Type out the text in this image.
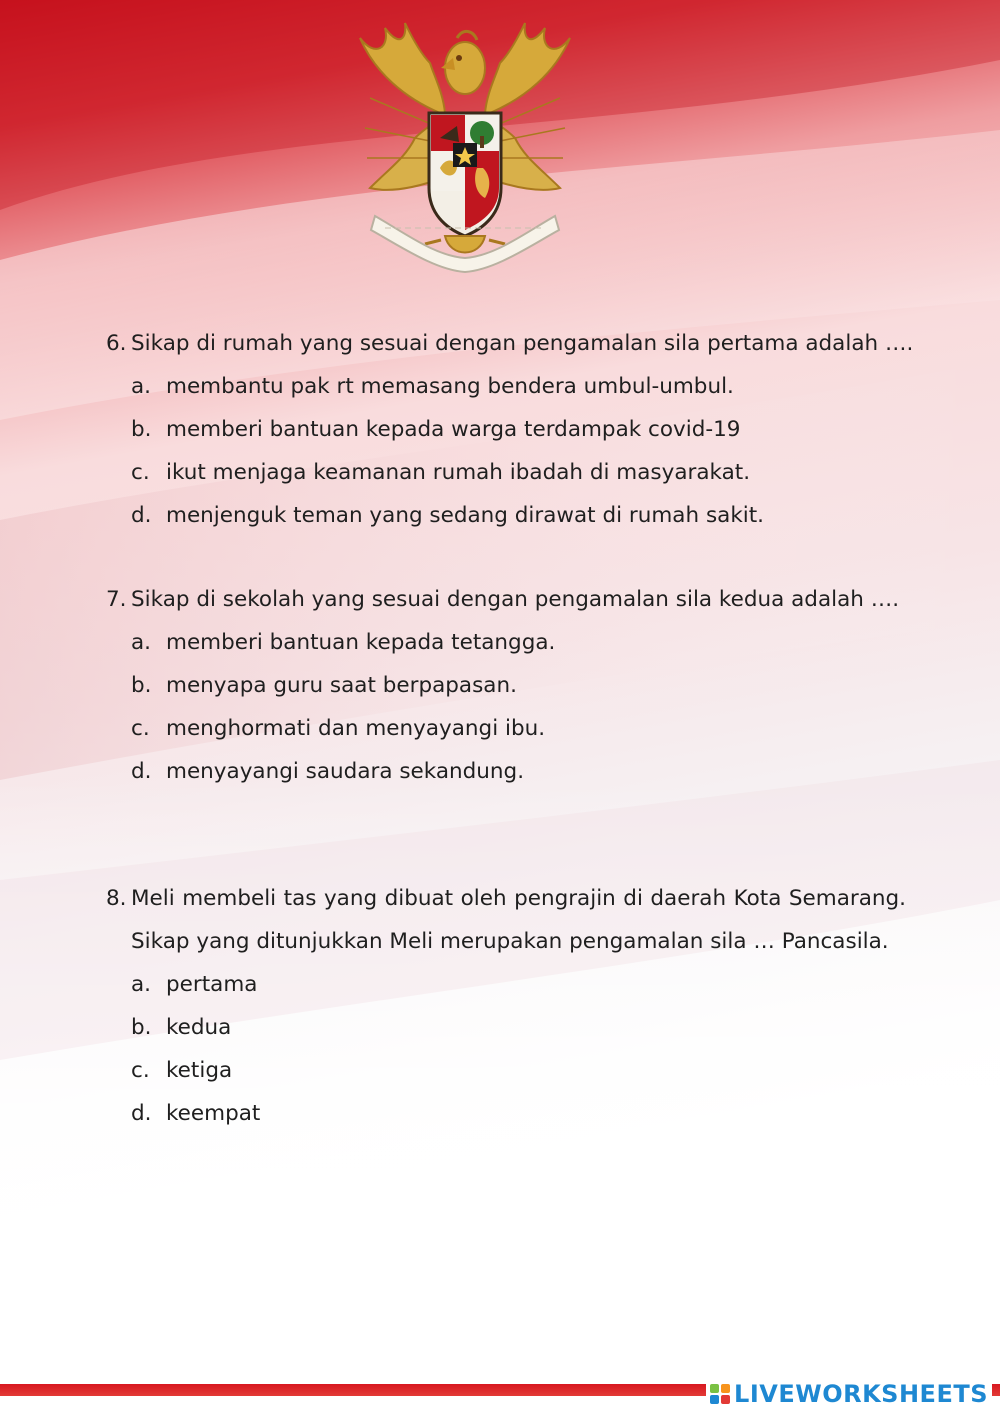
6. Sikap di rumah yang sesuai dengan pengamalan sila pertama adalah ….
a. membantu pak rt memasang bendera umbul-umbul.
b. memberi bantuan kepada warga terdampak covid-19
c. ikut menjaga keamanan rumah ibadah di masyarakat.
d. menjenguk teman yang sedang dirawat di rumah sakit.
7. Sikap di sekolah yang sesuai dengan pengamalan sila kedua adalah ….
a. memberi bantuan kepada tetangga.
b. menyapa guru saat berpapasan.
c. menghormati dan menyayangi ibu.
d. menyayangi saudara sekandung.
8. Meli membeli tas yang dibuat oleh pengrajin di daerah Kota Semarang.
Sikap yang ditunjukkan Meli merupakan pengamalan sila … Pancasila.
a. pertama
b. kedua
c. ketiga
d. keempat
LIVEWORKSHEETS
